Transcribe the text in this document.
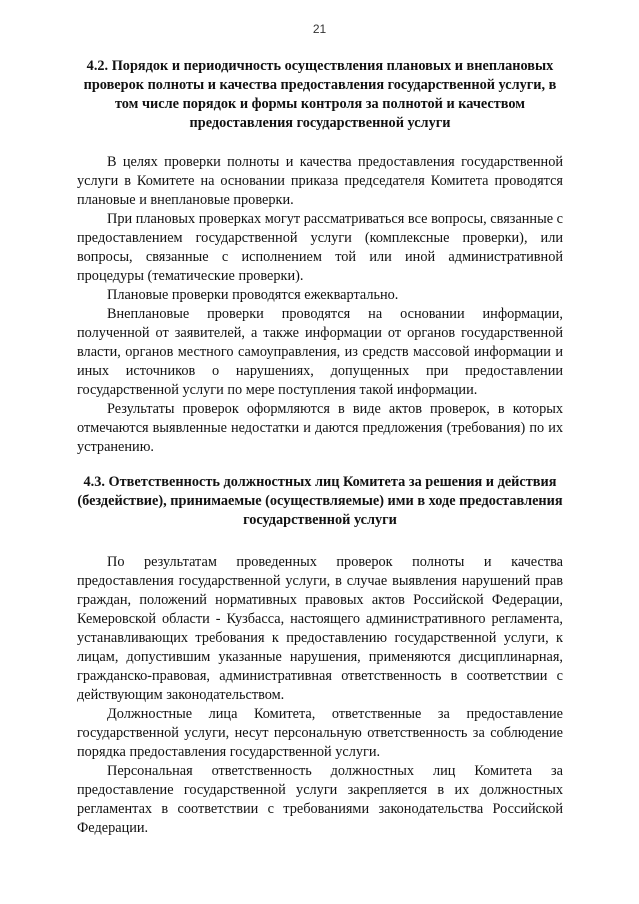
21
4.2. Порядок и периодичность осуществления плановых и внеплановых проверок полноты и качества предоставления государственной услуги, в том числе порядок и формы контроля за полнотой и качеством предоставления государственной услуги

В целях проверки полноты и качества предоставления государственной услуги в Комитете на основании приказа председателя Комитета проводятся плановые и внеплановые проверки.

При плановых проверках могут рассматриваться все вопросы, связанные с предоставлением государственной услуги (комплексные проверки), или вопросы, связанные с исполнением той или иной административной процедуры (тематические проверки).

Плановые проверки проводятся ежеквартально.

Внеплановые проверки проводятся на основании информации, полученной от заявителей, а также информации от органов государственной власти, органов местного самоуправления, из средств массовой информации и иных источников о нарушениях, допущенных при предоставлении государственной услуги по мере поступления такой информации.

Результаты проверок оформляются в виде актов проверок, в которых отмечаются выявленные недостатки и даются предложения (требования) по их устранению.

4.3. Ответственность должностных лиц Комитета за решения и действия (бездействие), принимаемые (осуществляемые) ими в ходе предоставления государственной услуги

По результатам проведенных проверок полноты и качества предоставления государственной услуги, в случае выявления нарушений прав граждан, положений нормативных правовых актов Российской Федерации, Кемеровской области - Кузбасса, настоящего административного регламента, устанавливающих требования к предоставлению государственной услуги, к лицам, допустившим указанные нарушения, применяются дисциплинарная, гражданско-правовая, административная ответственность в соответствии с действующим законодательством.

Должностные лица Комитета, ответственные за предоставление государственной услуги, несут персональную ответственность за соблюдение порядка предоставления государственной услуги.

Персональная ответственность должностных лиц Комитета за предоставление государственной услуги закрепляется в их должностных регламентах в соответствии с требованиями законодательства Российской Федерации.
